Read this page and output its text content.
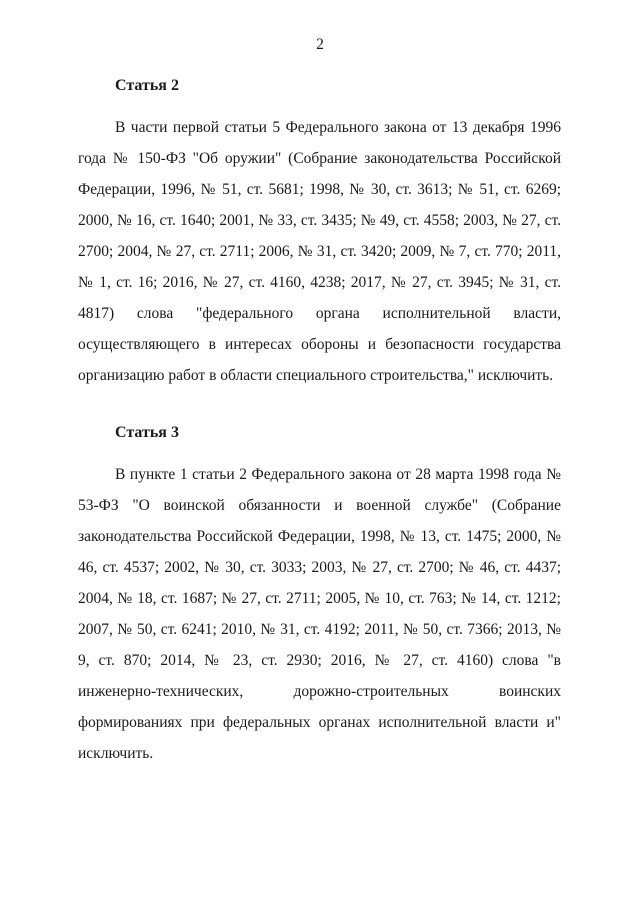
2

Статья 2

В части первой статьи 5 Федерального закона от 13 декабря 1996 года № 150-ФЗ "Об оружии" (Собрание законодательства Российской Федерации, 1996, № 51, ст. 5681; 1998, № 30, ст. 3613; № 51, ст. 6269; 2000, № 16, ст. 1640; 2001, № 33, ст. 3435; № 49, ст. 4558; 2003, № 27, ст. 2700; 2004, № 27, ст. 2711; 2006, № 31, ст. 3420; 2009, № 7, ст. 770; 2011, № 1, ст. 16; 2016, № 27, ст. 4160, 4238; 2017, № 27, ст. 3945; № 31, ст. 4817) слова "федерального органа исполнительной власти, осуществляющего в интересах обороны и безопасности государства организацию работ в области специального строительства," исключить.

Статья 3

В пункте 1 статьи 2 Федерального закона от 28 марта 1998 года № 53-ФЗ "О воинской обязанности и военной службе" (Собрание законодательства Российской Федерации, 1998, № 13, ст. 1475; 2000, № 46, ст. 4537; 2002, № 30, ст. 3033; 2003, № 27, ст. 2700; № 46, ст. 4437; 2004, № 18, ст. 1687; № 27, ст. 2711; 2005, № 10, ст. 763; № 14, ст. 1212; 2007, № 50, ст. 6241; 2010, № 31, ст. 4192; 2011, № 50, ст. 7366; 2013, № 9, ст. 870; 2014, № 23, ст. 2930; 2016, № 27, ст. 4160) слова "в инженерно-технических, дорожно-строительных воинских формированиях при федеральных органах исполнительной власти и" исключить.
